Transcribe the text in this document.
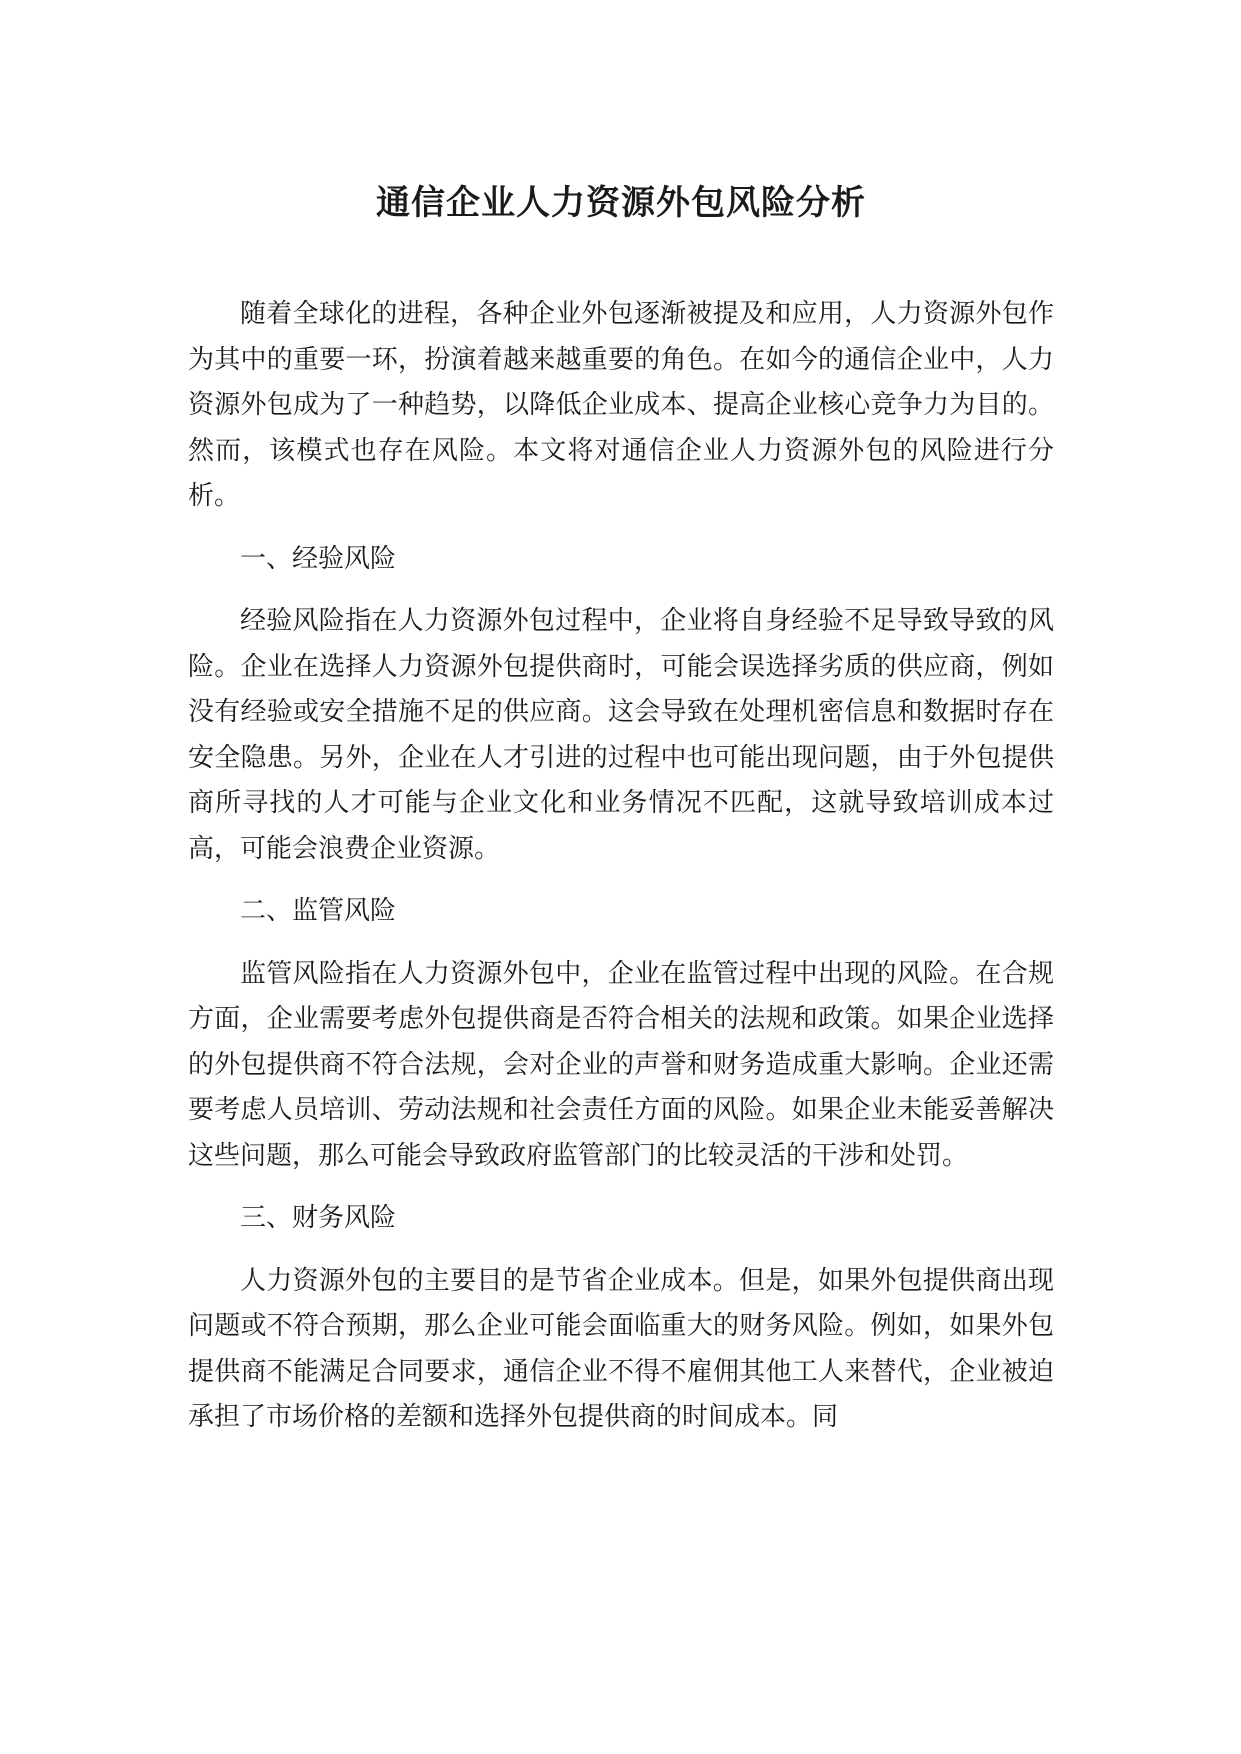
通信企业人力资源外包风险分析

随着全球化的进程，各种企业外包逐渐被提及和应用，人力资源外包作为其中的重要一环，扮演着越来越重要的角色。在如今的通信企业中，人力资源外包成为了一种趋势，以降低企业成本、提高企业核心竞争力为目的。然而，该模式也存在风险。本文将对通信企业人力资源外包的风险进行分析。

一、经验风险

经验风险指在人力资源外包过程中，企业将自身经验不足导致导致的风险。企业在选择人力资源外包提供商时，可能会误选择劣质的供应商，例如没有经验或安全措施不足的供应商。这会导致在处理机密信息和数据时存在安全隐患。另外，企业在人才引进的过程中也可能出现问题，由于外包提供商所寻找的人才可能与企业文化和业务情况不匹配，这就导致培训成本过高，可能会浪费企业资源。

二、监管风险

监管风险指在人力资源外包中，企业在监管过程中出现的风险。在合规方面，企业需要考虑外包提供商是否符合相关的法规和政策。如果企业选择的外包提供商不符合法规，会对企业的声誉和财务造成重大影响。企业还需要考虑人员培训、劳动法规和社会责任方面的风险。如果企业未能妥善解决这些问题，那么可能会导致政府监管部门的比较灵活的干涉和处罚。

三、财务风险

人力资源外包的主要目的是节省企业成本。但是，如果外包提供商出现问题或不符合预期，那么企业可能会面临重大的财务风险。例如，如果外包提供商不能满足合同要求，通信企业不得不雇佣其他工人来替代，企业被迫承担了市场价格的差额和选择外包提供商的时间成本。同
